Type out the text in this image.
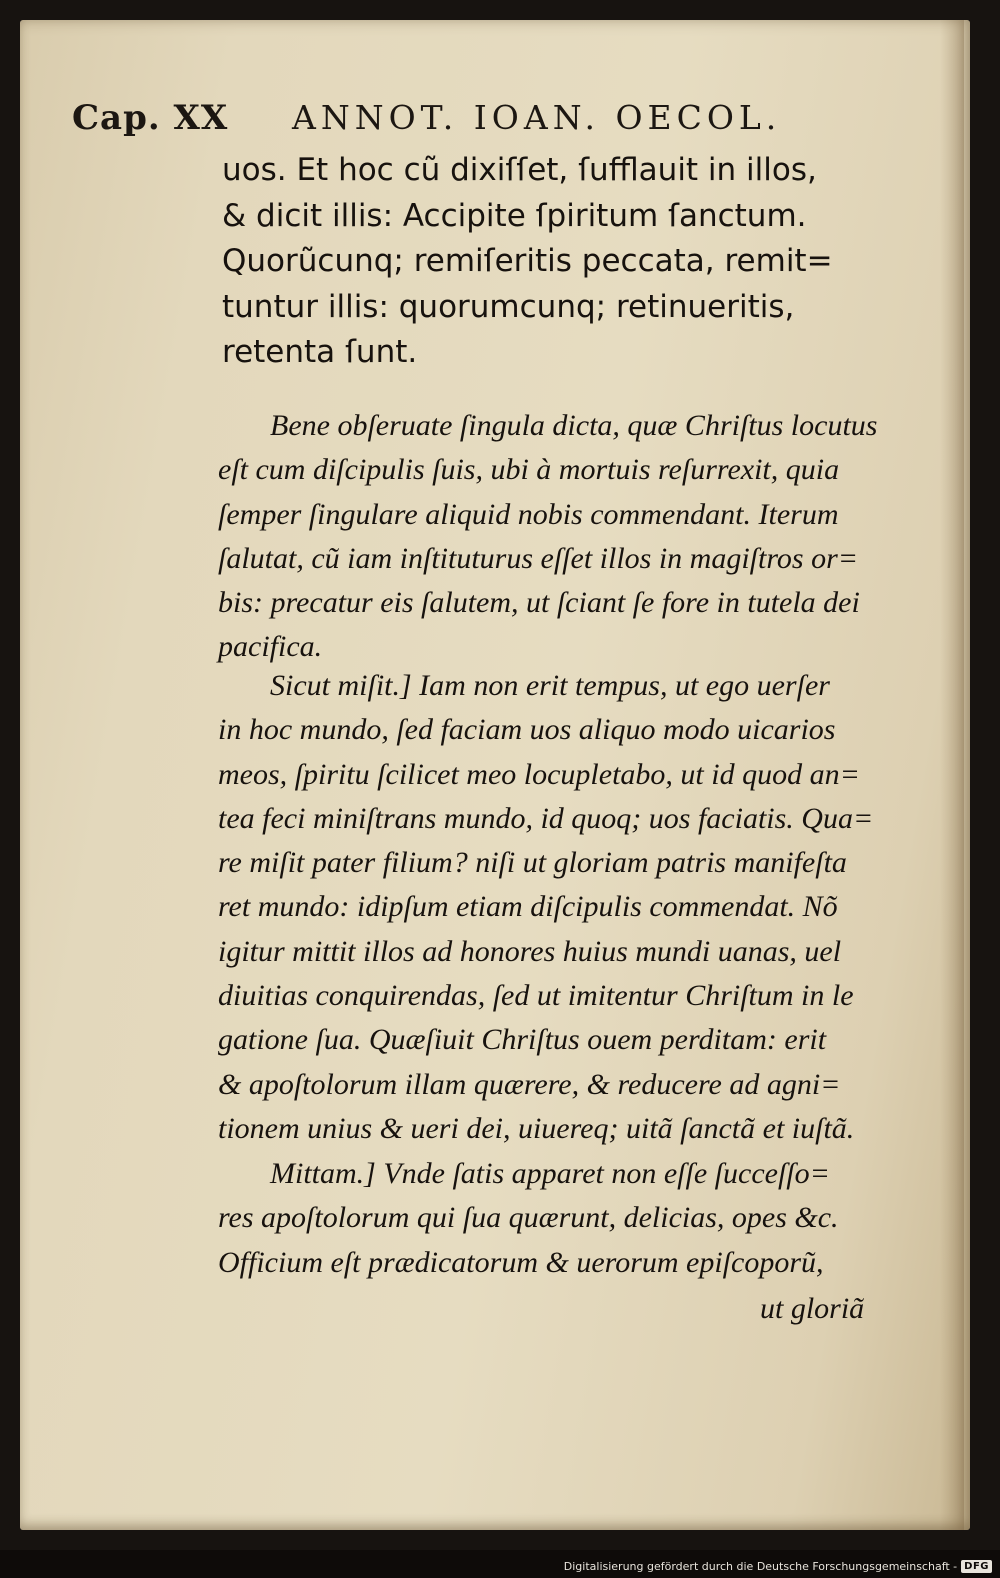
Cap. XX ANNOT. IOAN. OECOL.
uos. Et hoc cũ dixiſſet, ſufflauit in illos,
& dicit illis: Accipite ſpiritum ſanctum.
Quorũcunq; remiſeritis peccata, remit=
tuntur illis: quorumcunq; retinueritis,
retenta ſunt.
Bene obſeruate ſingula dicta, quæ Chriſtus locutus
eſt cum diſcipulis ſuis, ubi à mortuis reſurrexit, quia
ſemper ſingulare aliquid nobis commendant. Iterum
ſalutat, cũ iam inſtituturus eſſet illos in magiſtros or=
bis: precatur eis ſalutem, ut ſciant ſe fore in tutela dei
pacifica.
Sicut miſit.] Iam non erit tempus, ut ego uerſer
in hoc mundo, ſed faciam uos aliquo modo uicarios
meos, ſpiritu ſcilicet meo locupletabo, ut id quod an=
tea feci miniſtrans mundo, id quoq; uos faciatis. Qua=
re miſit pater filium? niſi ut gloriam patris manifeſta
ret mundo: idipſum etiam diſcipulis commendat. Nõ
igitur mittit illos ad honores huius mundi uanas, uel
diuitias conquirendas, ſed ut imitentur Chriſtum in le
gatione ſua. Quæſiuit Chriſtus ouem perditam: erit
& apoſtolorum illam quærere, & reducere ad agni=
tionem unius & ueri dei, uiuereq; uitã ſanctã et iuſtã.
Mittam.] Vnde ſatis apparet non eſſe ſucceſſo=
res apoſtolorum qui ſua quærunt, delicias, opes &c.
Officium eſt prædicatorum & uerorum epiſcoporũ,
ut gloriã
Digitalisierung gefördert durch die Deutsche Forschungsgemeinschaft - DFG
